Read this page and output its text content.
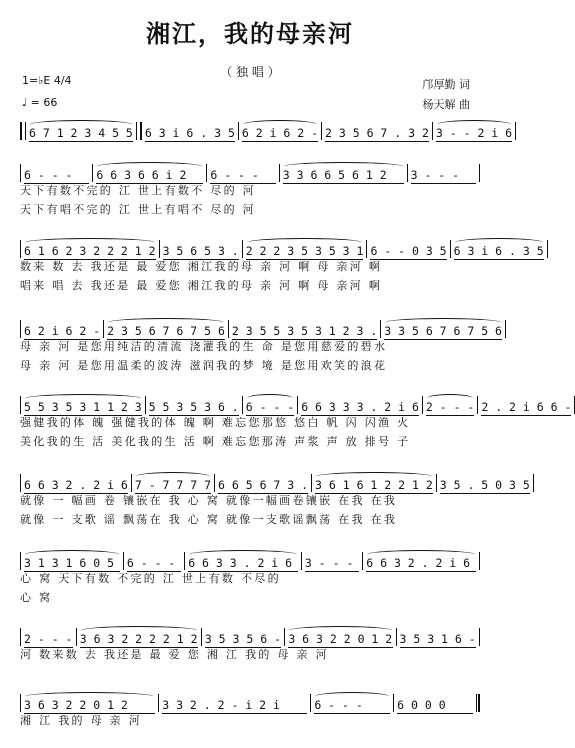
湘江，我的母亲河
（ 独 唱 ）
1=♭E 4/4
♩ = 66
邝厚勤 词
杨天解 曲
6 7 1 2 3 4 5 5 6 3 i 6 . 3 5 6 2 i 6 2 - 2 3 5 6 7 . 3 2 3 - - 2 i 6
6 - - -	6 6 3 6 6 i 2	6 - - -	3 3 6 6 5 6 1 2	3 - - -
天下有数不完的 江 世上有数不 尽的 河
天下有唱不完的 江 世上有唱不 尽的 河
6 1 6 2 3 2 2 2 1 2 3 5 6 5 3 . 2 2 2 3 5 3 5 3 1 6 - - 0 3 5 6 3 i 6 . 3 5
数来 数 去 我还是 最 爱您 湘江我的母 亲 河 啊 母 亲河 啊
唱来 唱 去 我还是 最 爱您 湘江我的母 亲 河 啊 母 亲河 啊
6 2 i 6 2 - 2 3 5 6 7 6 7 5 6 2 3 5 5 3 5 3 1 2 3 . 3 3 5 6 7 6 7 5 6
母 亲 河 是您用纯洁的清流 浇灌我的生 命 是您用慈爱的碧水
母 亲 河 是您用温柔的波涛 滋润我的梦 境 是您用欢笑的浪花
5 5 3 5 3 1 1 2 3 5 5 3 5 3 6 . 6 - - - 6 6 3 3 3 . 2 i 6 2 - - - 2 . 2 i 6 6 -
强健我的体 魄 强健我的体 魄 啊 难忘您那悠 悠白 帆 闪 闪渔 火
美化我的生 活 美化我的生 活 啊 难忘您那涛 声浆 声 放 排号 子
6 6 3 2 . 2 i 6 7 - 7 7 7 7 6 6 5 6 7 3 . 3 6 1 6 1 2 2 1 2 3 5 . 5 0 3 5
就像 一 幅画 卷 镶嵌在 我 心 窝 就像一幅画卷镶嵌 在我 在我
就像 一 支歌 谣 飘荡在 我 心 窝 就像一支歌谣飘荡 在我 在我
3 1 3 1 6 0 5	6 - - -	6 6 3 3 . 2 i 6	3 - - -	6 6 3 2 . 2 i 6
心 窝 天下有数 不完的 江 世上有数 不尽的
心 窝
2 - - - 3 6 3 2 2 2 2 1 2 3 5 3 5 6 - 3 6 3 2 2 0 1 2 3 5 3 1 6 -
河 数来数 去 我还是 最 爱 您 湘 江 我的 母 亲 河
3 6 3 2 2 0 1 2	3 3 2 . 2 - i 2 i	6 - - -	6 0 0 0
湘 江 我的 母 亲 河
